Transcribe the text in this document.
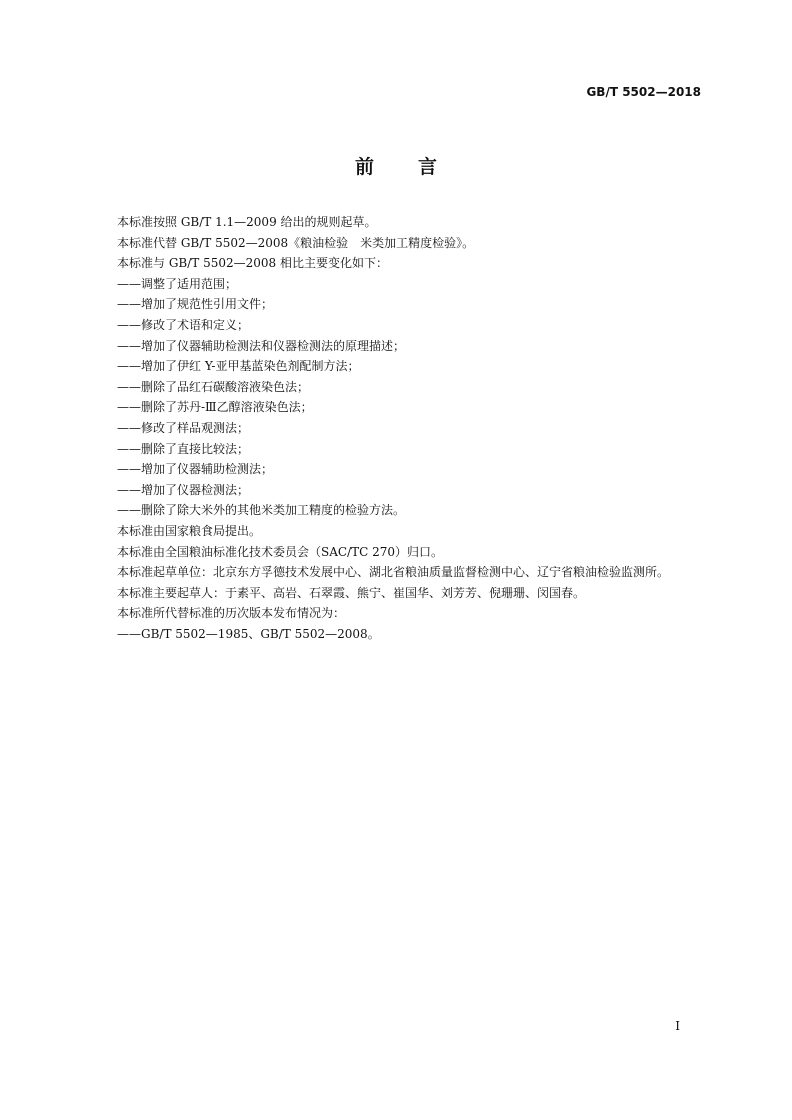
GB/T 5502—2018
前言

本标准按照 GB/T 1.1—2009 给出的规则起草。

本标准代替 GB/T 5502—2008《粮油检验　米类加工精度检验》。

本标准与 GB/T 5502—2008 相比主要变化如下：

——调整了适用范围；

——增加了规范性引用文件；

——修改了术语和定义；

——增加了仪器辅助检测法和仪器检测法的原理描述；

——增加了伊红 Y-亚甲基蓝染色剂配制方法；

——删除了品红石碳酸溶液染色法；

——删除了苏丹-Ⅲ乙醇溶液染色法；

——修改了样品观测法；

——删除了直接比较法；

——增加了仪器辅助检测法；

——增加了仪器检测法；

——删除了除大米外的其他米类加工精度的检验方法。

本标准由国家粮食局提出。

本标准由全国粮油标准化技术委员会（SAC/TC 270）归口。

本标准起草单位：北京东方孚德技术发展中心、湖北省粮油质量监督检测中心、辽宁省粮油检验监测所。

本标准主要起草人：于素平、高岩、石翠霞、熊宁、崔国华、刘芳芳、倪珊珊、闵国春。

本标准所代替标准的历次版本发布情况为：

——GB/T 5502—1985、GB/T 5502—2008。

I
